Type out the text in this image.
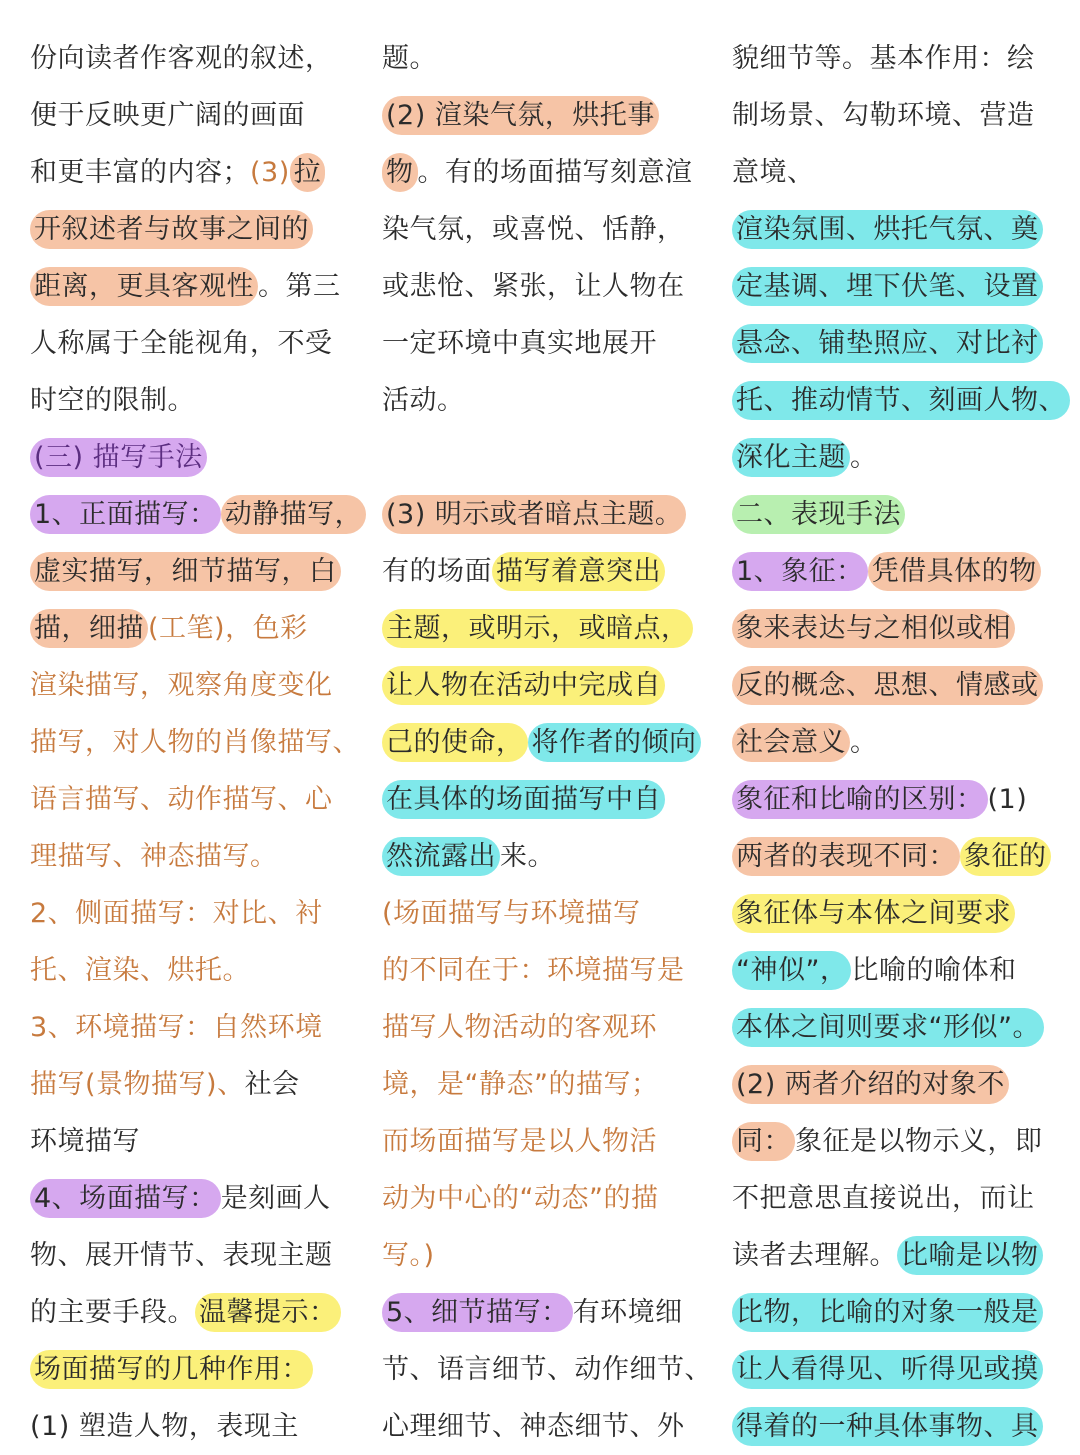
份向读者作客观的叙述，
便于反映更广阔的画面
和更丰富的内容；(3) 拉
开叙述者与故事之间的
距离，更具客观性 。第三
人称属于全能视角，不受
时空的限制。
(三) 描写手法
1、正面描写： 动静描写，
虚实描写，细节描写，白
描，细描 (工笔)，色彩
渲染描写，观察角度变化
描写，对人物的肖像描写、
语言描写、动作描写、心
理描写、神态描写。
2、侧面描写：对比、衬
托、渲染、烘托。
3、环境描写：自然环境
描写(景物描写)、社会
环境描写
4、场面描写： 是刻画人
物、展开情节、表现主题
的主要手段。 温馨提示：
场面描写的几种作用：
(1) 塑造人物，表现主
题。
(2) 渲染气氛，烘托事
物 。有的场面描写刻意渲
染气氛，或喜悦、恬静，
或悲怆、紧张，让人物在
一定环境中真实地展开
活动。
(3) 明示或者暗点主题。
有的场面 描写着意突出
主题，或明示，或暗点，
让人物在活动中完成自
己的使命， 将作者的倾向
在具体的场面描写中自
然流露出 来。
(场面描写与环境描写
的不同在于：环境描写是
描写人物活动的客观环
境，是“静态”的描写；
而场面描写是以人物活
动为中心的“动态”的描
写。)
5、细节描写： 有环境细
节、语言细节、动作细节、
心理细节、神态细节、外
貌细节等。基本作用：绘
制场景、勾勒环境、营造
意境、
渲染氛围、烘托气氛、奠
定基调、埋下伏笔、设置
悬念、铺垫照应、对比衬
托、推动情节、刻画人物、
深化主题 。
二、表现手法
1、象征： 凭借具体的物
象来表达与之相似或相
反的概念、思想、情感或
社会意义 。
象征和比喻的区别： (1)
两者的表现不同： 象征的
象征体与本体之间要求
“神似”， 比喻的喻体和
本体之间则要求“形似”。
(2) 两者介绍的对象不
同： 象征是以物示义，即
不把意思直接说出，而让
读者去理解。 比喻是以物
比物，比喻的对象一般是
让人看得见、听得见或摸
得着的一种具体事物、具
